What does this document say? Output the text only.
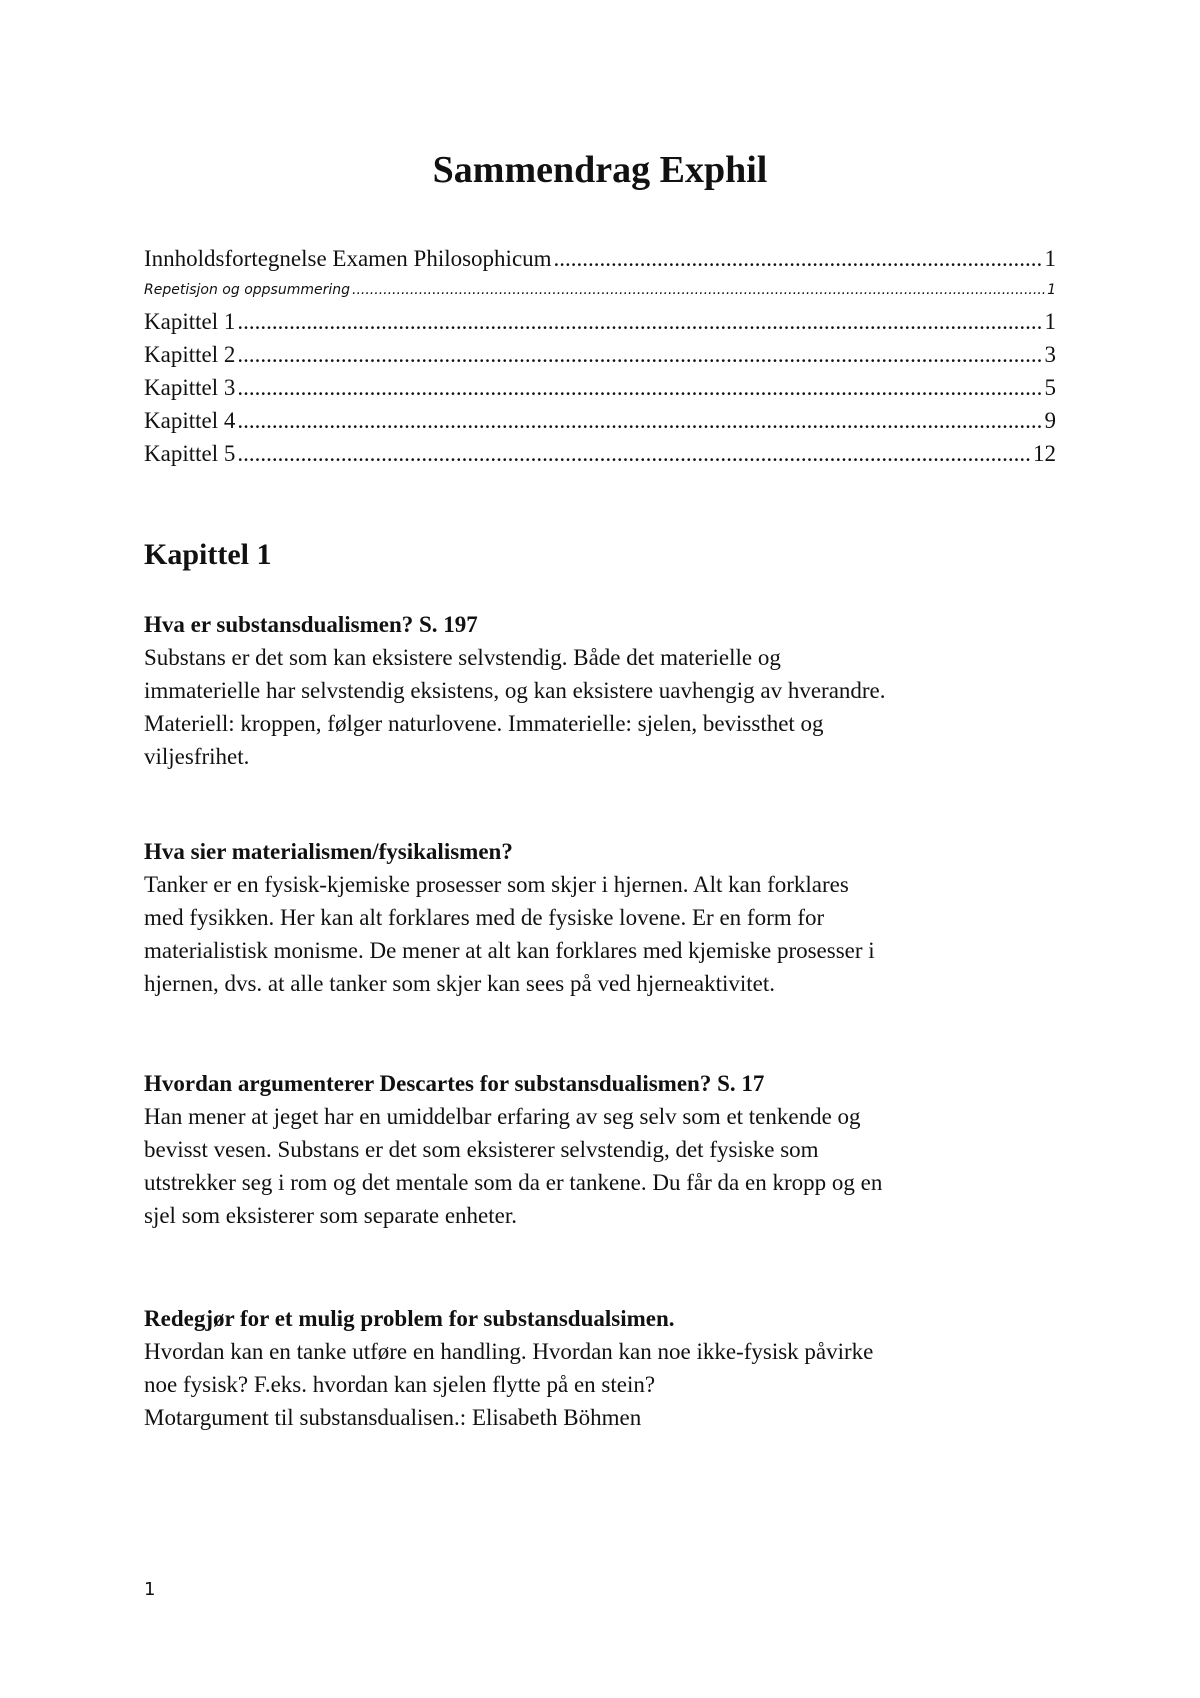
Sammendrag Exphil
Innholdsfortegnelse Examen Philosophicum .....	1
Repetisjon og oppsummering .....	1
Kapittel 1 .....	1
Kapittel 2 .....	3
Kapittel 3 .....	5
Kapittel 4 .....	9
Kapittel 5 .....	12
Kapittel 1

Hva er substansdualismen? S. 197

Substans er det som kan eksistere selvstendig. Både det materielle og
immaterielle har selvstendig eksistens, og kan eksistere uavhengig av hverandre.
Materiell: kroppen, følger naturlovene. Immaterielle: sjelen, bevissthet og
viljesfrihet.

Hva sier materialismen/fysikalismen?

Tanker er en fysisk-kjemiske prosesser som skjer i hjernen. Alt kan forklares
med fysikken. Her kan alt forklares med de fysiske lovene. Er en form for
materialistisk monisme. De mener at alt kan forklares med kjemiske prosesser i
hjernen, dvs. at alle tanker som skjer kan sees på ved hjerneaktivitet.

Hvordan argumenterer Descartes for substansdualismen? S. 17

Han mener at jeget har en umiddelbar erfaring av seg selv som et tenkende og
bevisst vesen. Substans er det som eksisterer selvstendig, det fysiske som
utstrekker seg i rom og det mentale som da er tankene. Du får da en kropp og en
sjel som eksisterer som separate enheter.

Redegjør for et mulig problem for substansdualsimen.

Hvordan kan en tanke utføre en handling. Hvordan kan noe ikke-fysisk påvirke
noe fysisk? F.eks. hvordan kan sjelen flytte på en stein?
Motargument til substansdualisen.: Elisabeth Böhmen

1
